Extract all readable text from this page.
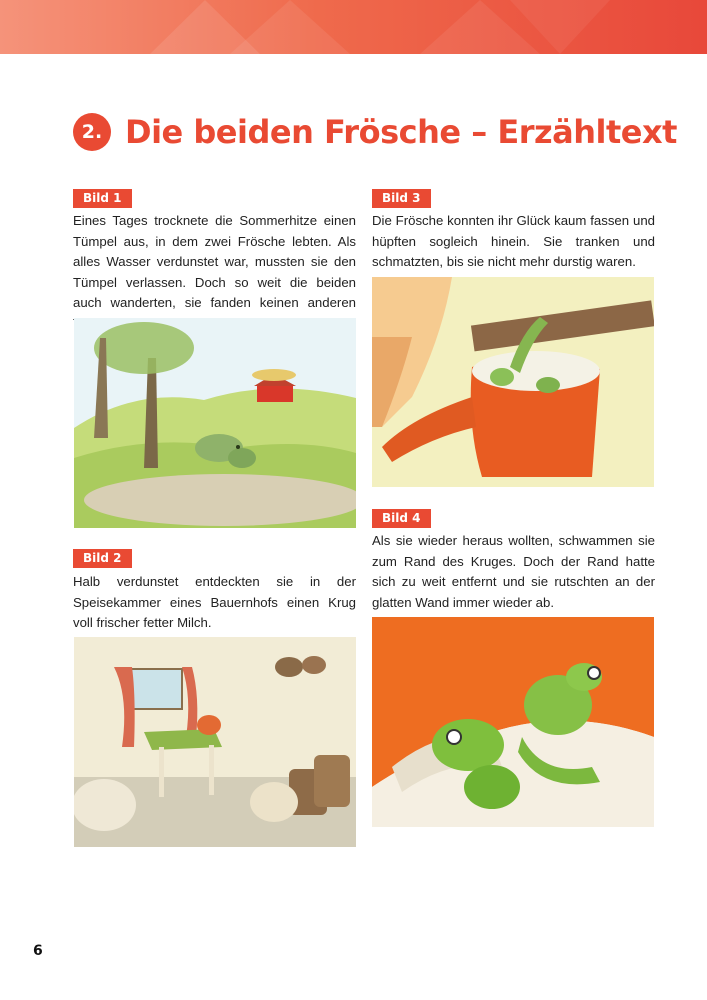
2. Die beiden Frösche – Erzähltext
Bild 1

Eines Tages trocknete die Sommerhitze einen Tümpel aus, in dem zwei Frösche lebten. Als alles Wasser verdunstet war, mussten sie den Tümpel verlassen. Doch so weit die beiden auch wanderten, sie fanden keinen anderen

Bild 2

Halb verdunstet entdeckten sie in der Speisekammer eines Bauernhofs einen Krug voll frischer fetter Milch.

Bild 3

Die Frösche konnten ihr Glück kaum fassen und hüpften sogleich hinein. Sie tranken und schmatzten, bis sie nicht mehr durstig waren.

Bild 4

Als sie wieder heraus wollten, schwammen sie zum Rand des Kruges. Doch der Rand hatte sich zu weit entfernt und sie rutschten an der glatten Wand immer wieder ab.

6
